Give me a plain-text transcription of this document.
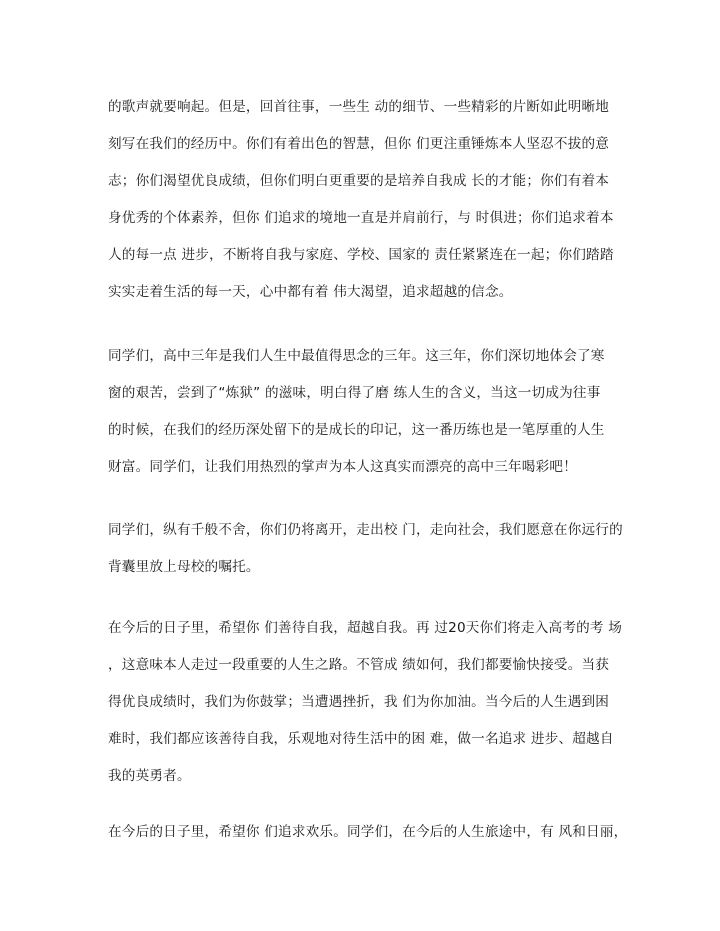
的歌声就要响起。但是，回首往事，一些生 动的细节、一些精彩的片断如此明晰地
刻写在我们的经历中。你们有着出色的智慧，但你 们更注重锤炼本人坚忍不拔的意
志；你们渴望优良成绩，但你们明白更重要的是培养自我成 长的才能；你们有着本
身优秀的个体素养，但你 们追求的境地一直是并肩前行，与 时俱进；你们追求着本
人的每一点 进步，不断将自我与家庭、学校、国家的 责任紧紧连在一起；你们踏踏
实实走着生活的每一天，心中都有着 伟大渴望，追求超越的信念。
同学们，高中三年是我们人生中最值得思念的三年。这三年，你们深切地体会了寒
窗的艰苦，尝到了“炼狱” 的滋味，明白得了磨 练人生的含义，当这一切成为往事
的时候，在我们的经历深处留下的是成长的印记，这一番历练也是一笔厚重的人生
财富。同学们，让我们用热烈的掌声为本人这真实而漂亮的高中三年喝彩吧！
同学们，纵有千般不舍，你们仍将离开，走出校 门，走向社会，我们愿意在你远行的
背囊里放上母校的嘱托。
在今后的日子里，希望你 们善待自我，超越自我。再 过20天你们将走入高考的考 场
，这意味本人走过一段重要的人生之路。不管成 绩如何，我们都要愉快接受。当获
得优良成绩时，我们为你鼓掌；当遭遇挫折，我 们为你加油。当今后的人生遇到困
难时，我们都应该善待自我，乐观地对待生活中的困 难，做一名追求 进步、超越自
我的英勇者。
在今后的日子里，希望你 们追求欢乐。同学们，在今后的人生旅途中，有 风和日丽，
